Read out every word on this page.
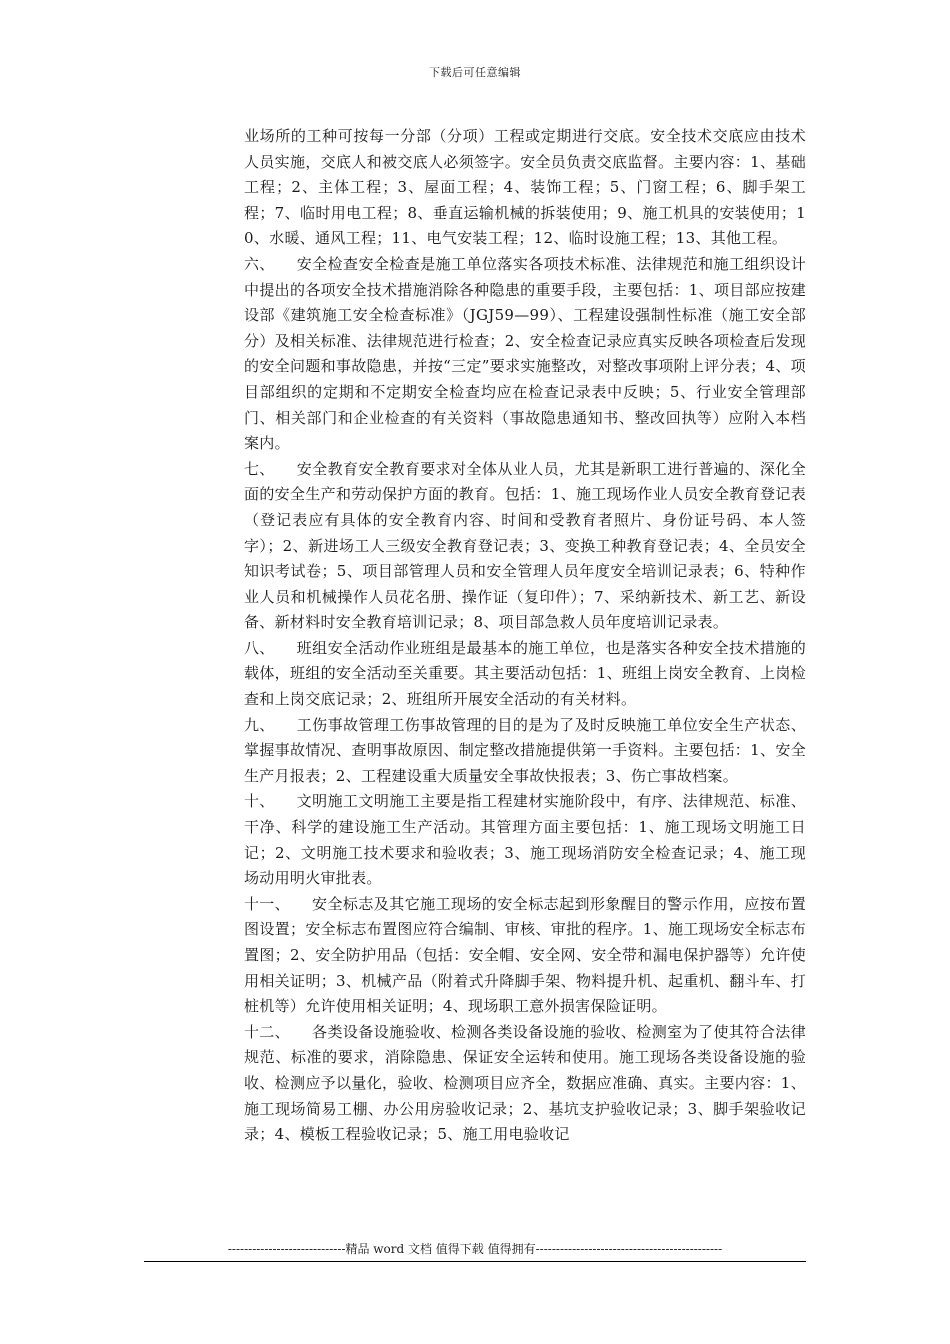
下载后可任意编辑

业场所的工种可按每一分部（分项）工程或定期进行交底。安全技术交底应由技术人员实施，交底人和被交底人必须签字。安全员负责交底监督。主要内容：1、基础工程；2、主体工程；3、屋面工程；4、装饰工程；5、门窗工程；6、脚手架工程；7、临时用电工程；8、垂直运输机械的拆装使用；9、施工机具的安装使用；10、水暖、通风工程；11、电气安装工程；12、临时设施工程；13、其他工程。

六、 安全检查安全检查是施工单位落实各项技术标准、法律规范和施工组织设计中提出的各项安全技术措施消除各种隐患的重要手段，主要包括：1、项目部应按建设部《建筑施工安全检查标准》（JGJ59—99）、工程建设强制性标准（施工安全部分）及相关标准、法律规范进行检查；2、安全检查记录应真实反映各项检查后发现的安全问题和事故隐患，并按“三定”要求实施整改，对整改事项附上评分表；4、项目部组织的定期和不定期安全检查均应在检查记录表中反映；5、行业安全管理部门、相关部门和企业检查的有关资料（事故隐患通知书、整改回执等）应附入本档案内。

七、 安全教育安全教育要求对全体从业人员，尤其是新职工进行普遍的、深化全面的安全生产和劳动保护方面的教育。包括：1、施工现场作业人员安全教育登记表（登记表应有具体的安全教育内容、时间和受教育者照片、身份证号码、本人签字）；2、新进场工人三级安全教育登记表；3、变换工种教育登记表；4、全员安全知识考试卷；5、项目部管理人员和安全管理人员年度安全培训记录表；6、特种作业人员和机械操作人员花名册、操作证（复印件）；7、采纳新技术、新工艺、新设备、新材料时安全教育培训记录；8、项目部急救人员年度培训记录表。

八、 班组安全活动作业班组是最基本的施工单位，也是落实各种安全技术措施的载体，班组的安全活动至关重要。其主要活动包括：1、班组上岗安全教育、上岗检查和上岗交底记录；2、班组所开展安全活动的有关材料。

九、 工伤事故管理工伤事故管理的目的是为了及时反映施工单位安全生产状态、掌握事故情况、查明事故原因、制定整改措施提供第一手资料。主要包括：1、安全生产月报表；2、工程建设重大质量安全事故快报表；3、伤亡事故档案。

十、 文明施工文明施工主要是指工程建材实施阶段中，有序、法律规范、标准、干净、科学的建设施工生产活动。其管理方面主要包括：1、施工现场文明施工日记；2、文明施工技术要求和验收表；3、施工现场消防安全检查记录；4、施工现场动用明火审批表。

十一、 安全标志及其它施工现场的安全标志起到形象醒目的警示作用，应按布置图设置；安全标志布置图应符合编制、审核、审批的程序。1、施工现场安全标志布置图；2、安全防护用品（包括：安全帽、安全网、安全带和漏电保护器等）允许使用相关证明；3、机械产品（附着式升降脚手架、物料提升机、起重机、翻斗车、打桩机等）允许使用相关证明；4、现场职工意外损害保险证明。

十二、 各类设备设施验收、检测各类设备设施的验收、检测室为了使其符合法律规范、标准的要求，消除隐患、保证安全运转和使用。施工现场各类设备设施的验收、检测应予以量化，验收、检测项目应齐全，数据应准确、真实。主要内容：1、施工现场简易工棚、办公用房验收记录；2、基坑支护验收记录；3、脚手架验收记录；4、模板工程验收记录；5、施工用电验收记

-----------------------------精品 word 文档 值得下载 值得拥有----------------------------------------------
